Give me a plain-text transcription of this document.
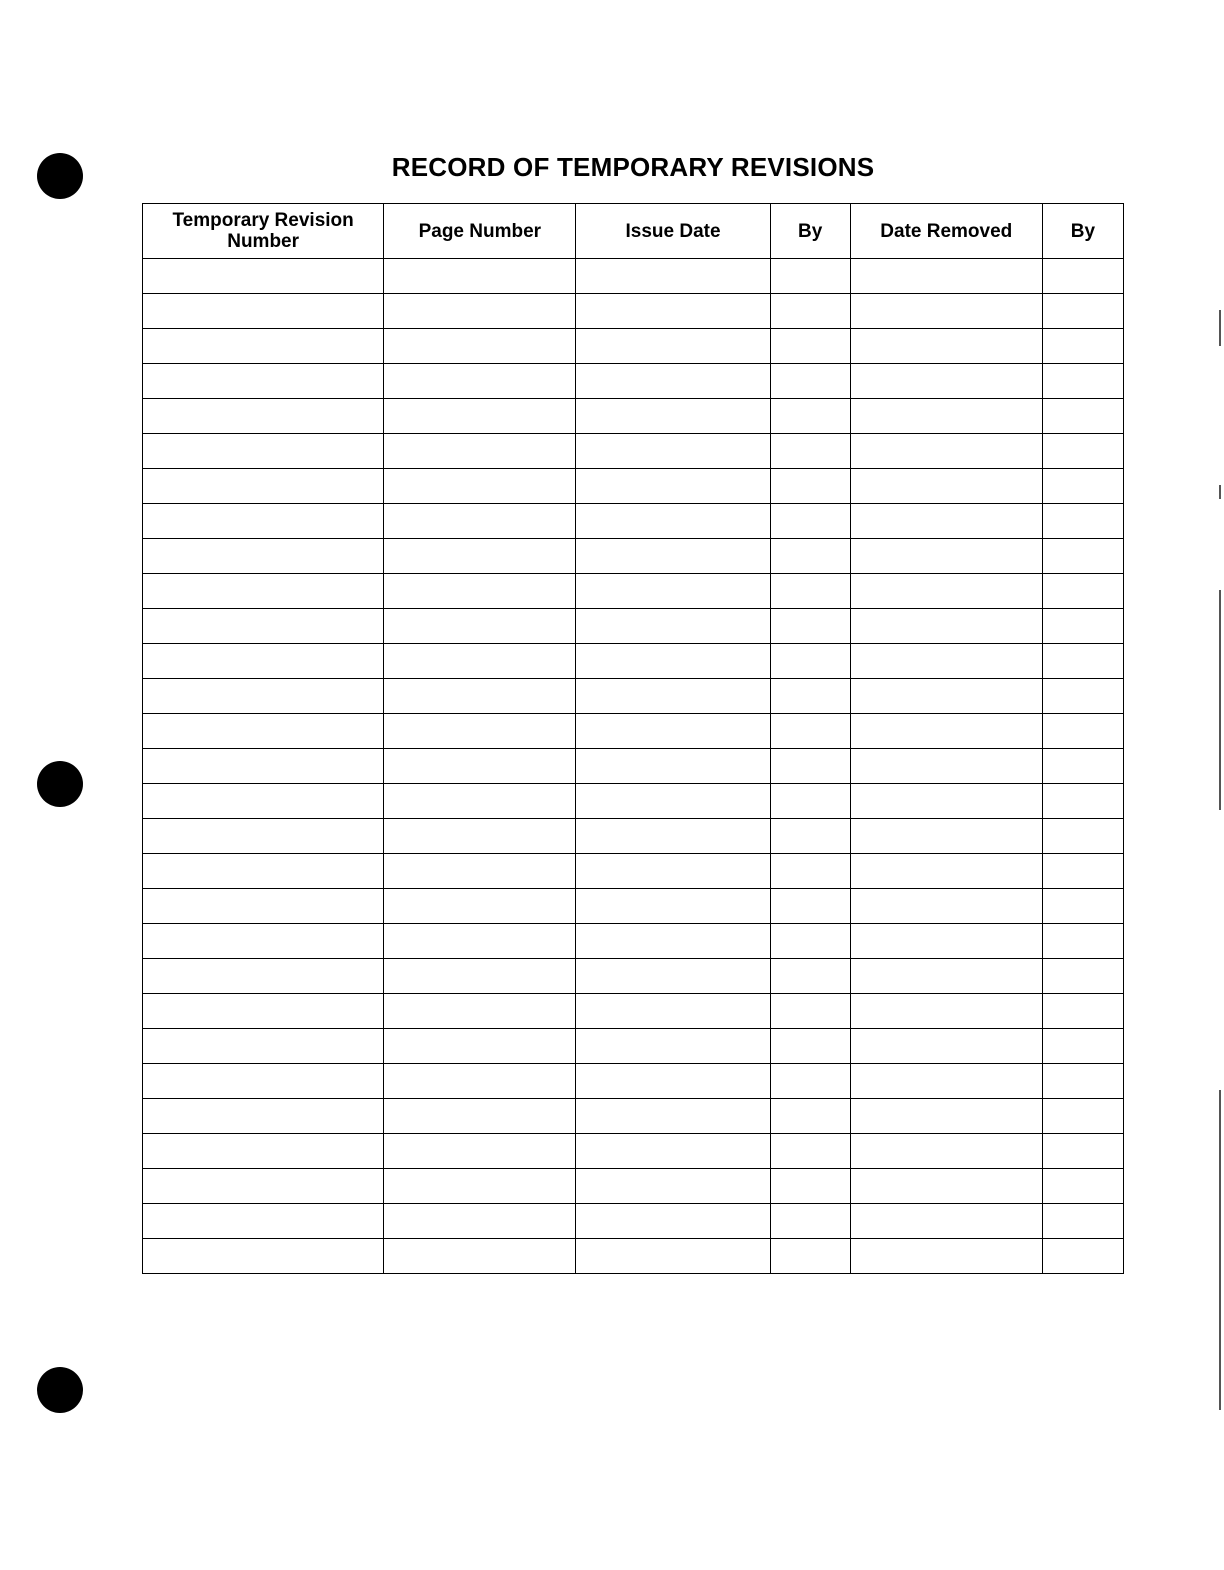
RECORD OF TEMPORARY REVISIONS
Temporary Revision Number	Page Number	Issue Date	By	Date Removed	By
